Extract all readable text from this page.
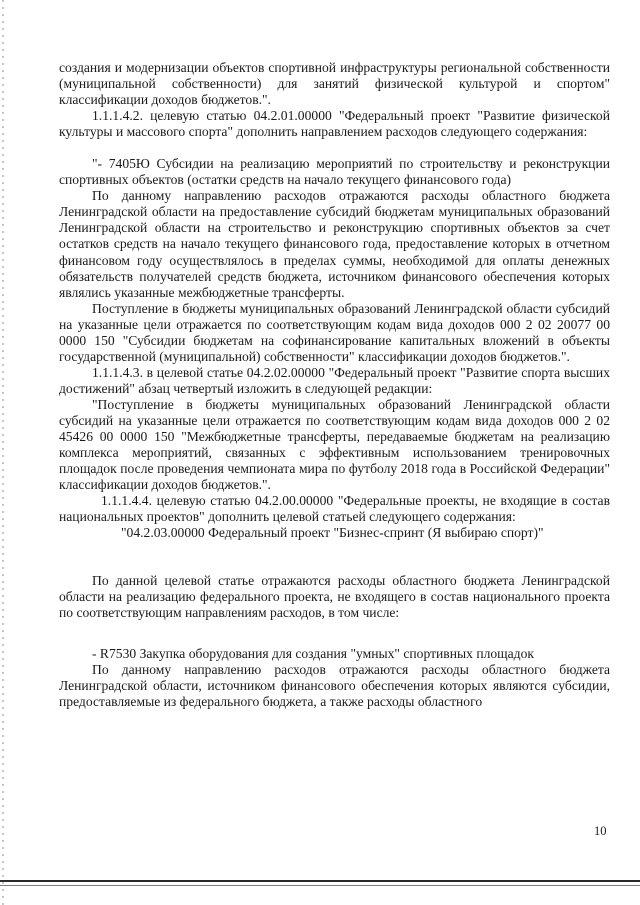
создания и модернизации объектов спортивной инфраструктуры региональной собственности (муниципальной собственности) для занятий физической культурой и спортом" классификации доходов бюджетов.".

1.1.1.4.2. целевую статью 04.2.01.00000 "Федеральный проект "Развитие физической культуры и массового спорта" дополнить направлением расходов следующего содержания:

"- 7405Ю Субсидии на реализацию мероприятий по строительству и реконструкции спортивных объектов (остатки средств на начало текущего финансового года)

По данному направлению расходов отражаются расходы областного бюджета Ленинградской области на предоставление субсидий бюджетам муниципальных образований Ленинградской области на строительство и реконструкцию спортивных объектов за счет остатков средств на начало текущего финансового года, предоставление которых в отчетном финансовом году осуществлялось в пределах суммы, необходимой для оплаты денежных обязательств получателей средств бюджета, источником финансового обеспечения которых являлись указанные межбюджетные трансферты.

Поступление в бюджеты муниципальных образований Ленинградской области субсидий на указанные цели отражается по соответствующим кодам вида доходов 000 2 02 20077 00 0000 150 "Субсидии бюджетам на софинансирование капитальных вложений в объекты государственной (муниципальной) собственности" классификации доходов бюджетов.".

1.1.1.4.3. в целевой статье 04.2.02.00000 "Федеральный проект "Развитие спорта высших достижений" абзац четвертый изложить в следующей редакции:

"Поступление в бюджеты муниципальных образований Ленинградской области субсидий на указанные цели отражается по соответствующим кодам вида доходов 000 2 02 45426 00 0000 150 "Межбюджетные трансферты, передаваемые бюджетам на реализацию комплекса мероприятий, связанных с эффективным использованием тренировочных площадок после проведения чемпионата мира по футболу 2018 года в Российской Федерации" классификации доходов бюджетов.".

1.1.1.4.4. целевую статью 04.2.00.00000 "Федеральные проекты, не входящие в состав национальных проектов" дополнить целевой статьей следующего содержания:

"04.2.03.00000 Федеральный проект "Бизнес-спринт (Я выбираю спорт)"

По данной целевой статье отражаются расходы областного бюджета Ленинградской области на реализацию федерального проекта, не входящего в состав национального проекта по соответствующим направлениям расходов, в том числе:

- R7530 Закупка оборудования для создания "умных" спортивных площадок

По данному направлению расходов отражаются расходы областного бюджета Ленинградской области, источником финансового обеспечения которых являются субсидии, предоставляемые из федерального бюджета, а также расходы областного

10
